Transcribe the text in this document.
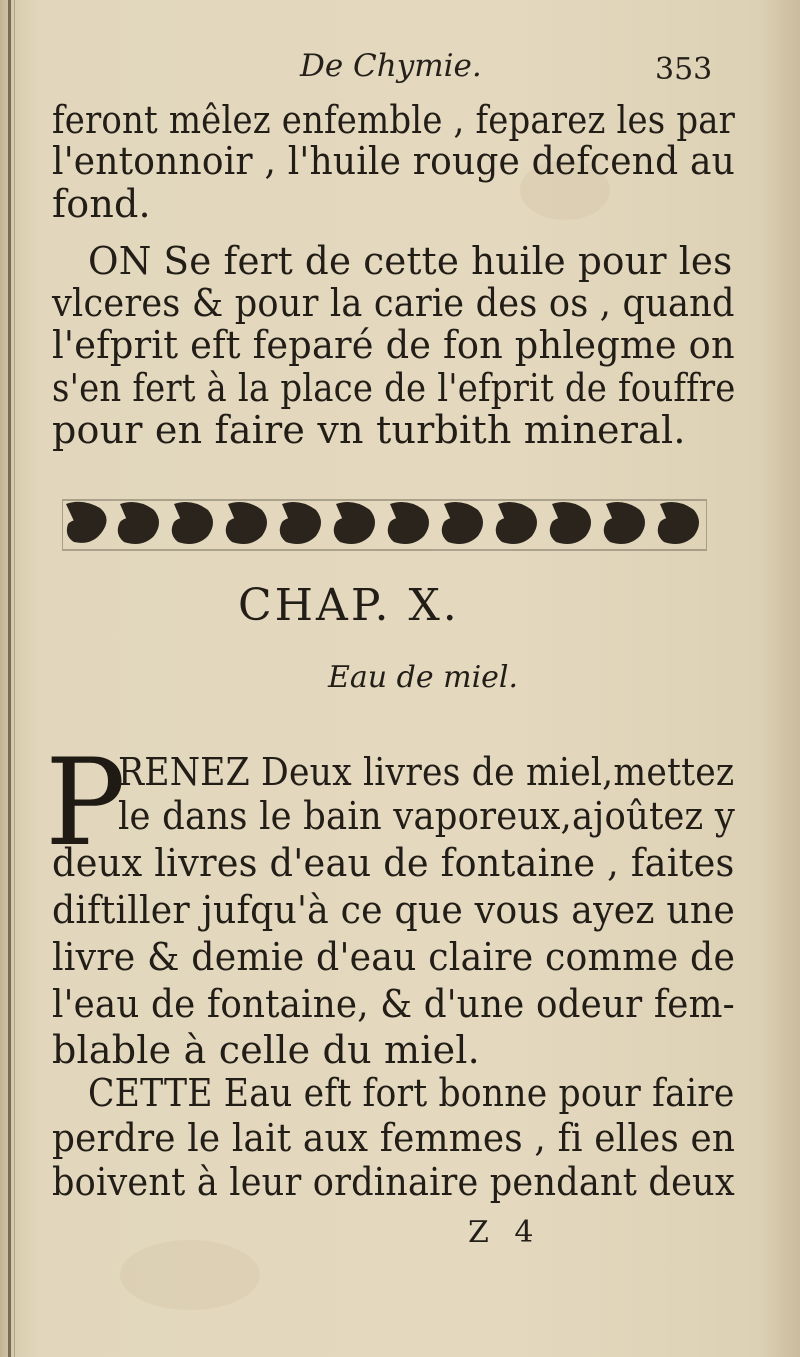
De Chymie.	353
feront mêlez enfemble , feparez les par
l'entonnoir , l'huile rouge defcend au
fond.
ON Se fert de cette huile pour les
vlceres & pour la carie des os , quand
l'efprit eft feparé de fon phlegme on
s'en fert à la place de l'efprit de fouffre
pour en faire vn turbith mineral.
CHAP. X.
Eau de miel.
P
RENEZ Deux livres de miel,mettez
le dans le bain vaporeux,ajoûtez y
deux livres d'eau de fontaine , faites
diftiller jufqu'à ce que vous ayez une
livre & demie d'eau claire comme de
l'eau de fontaine, & d'une odeur fem-
blable à celle du miel.
CETTE Eau eft fort bonne pour faire
perdre le lait aux femmes , fi elles en
boivent à leur ordinaire pendant deux
Z 4
